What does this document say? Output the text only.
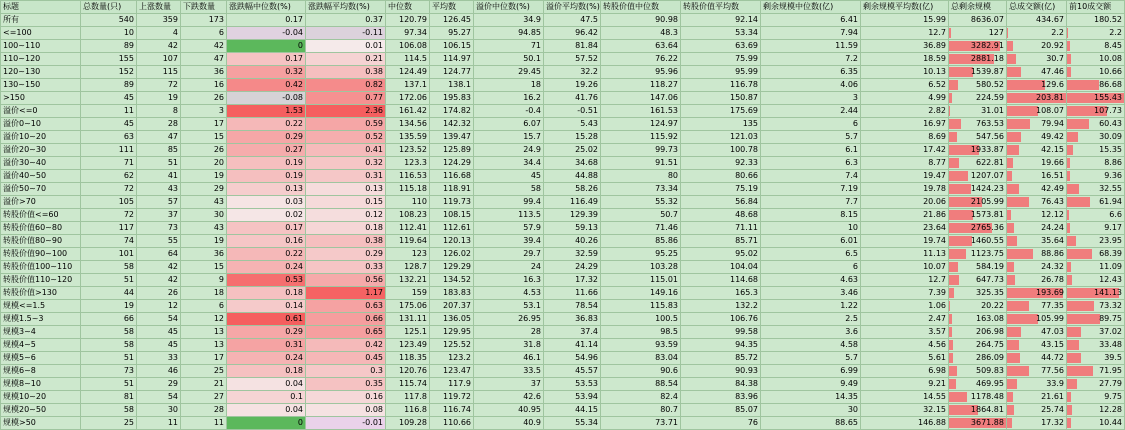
标题	总数量(只)	上涨数量	下跌数量	涨跌幅中位数(%)	涨跌幅平均数(%)	中位数	平均数	溢价中位数(%)	溢价平均数(%)	转股价值中位数	转股价值平均数	剩余规模中位数(亿)	剩余规模平均数(亿)	总剩余规模	总成交额(亿)	前10成交额
所有	540	359	173	0.17	0.37	120.79	126.45	34.9	47.5	90.98	92.14	6.41	15.99	8636.07	434.67	180.52
<=100	10	4	6	-0.04	-0.11	97.34	95.27	94.85	96.42	48.3	53.34	7.94	12.7	127	2.2	2.2
100~110	89	42	42	0	0.01	106.08	106.15	71	81.84	63.64	63.69	11.59	36.89	3282.91	20.92	8.45
110~120	155	107	47	0.17	0.21	114.5	114.97	50.1	57.52	76.22	75.99	7.2	18.59	2881.18	30.7	10.08
120~130	152	115	36	0.32	0.38	124.49	124.77	29.45	32.2	95.96	95.99	6.35	10.13	1539.87	47.46	10.66
130~150	89	72	16	0.42	0.82	137.1	138.1	18	19.26	118.27	116.78	4.06	6.52	580.52	129.6	86.68
>150	45	19	26	-0.08	0.77	172.06	195.83	16.2	41.76	147.06	150.87	3	4.99	224.59	203.81	155.43
溢价<=0	11	8	3	1.53	2.36	161.42	174.82	-0.4	-0.51	161.53	175.69	2.44	2.82	31.01	108.07	107.73
溢价0~10	45	28	17	0.22	0.59	134.56	142.32	6.07	5.43	124.97	135	6	16.97	763.53	79.94	60.43
溢价10~20	63	47	15	0.29	0.52	135.59	139.47	15.7	15.28	115.92	121.03	5.7	8.69	547.56	49.42	30.09
溢价20~30	111	85	26	0.27	0.41	123.52	125.89	24.9	25.02	99.73	100.78	6.1	17.42	1933.87	42.15	15.35
溢价30~40	71	51	20	0.19	0.32	123.3	124.29	34.4	34.68	91.51	92.33	6.3	8.77	622.81	19.66	8.86
溢价40~50	62	41	19	0.19	0.31	116.53	116.68	45	44.88	80	80.66	7.4	19.47	1207.07	16.51	9.36
溢价50~70	72	43	29	0.13	0.13	115.18	118.91	58	58.26	73.34	75.19	7.19	19.78	1424.23	42.49	32.55
溢价>70	105	57	43	0.03	0.15	110	119.73	99.4	116.49	55.32	56.84	7.7	20.06	2105.99	76.43	61.94
转股价值<=60	72	37	30	0.02	0.12	108.23	108.15	113.5	129.39	50.7	48.68	8.15	21.86	1573.81	12.12	6.6
转股价值60~80	117	73	43	0.17	0.18	112.41	112.61	57.9	59.13	71.46	71.11	10	23.64	2765.36	24.24	9.17
转股价值80~90	74	55	19	0.16	0.38	119.64	120.13	39.4	40.26	85.86	85.71	6.01	19.74	1460.55	35.64	23.95
转股价值90~100	101	64	36	0.22	0.29	123	126.02	29.7	32.59	95.25	95.02	6.5	11.13	1123.75	88.86	68.39
转股价值100~110	58	42	15	0.24	0.33	128.7	129.29	24	24.29	103.28	104.04	6	10.07	584.19	24.32	11.09
转股价值110~120	51	42	9	0.53	0.56	132.21	134.52	16.3	17.32	115.01	114.68	4.63	12.7	647.73	26.78	12.43
转股价值>130	44	26	18	0.18	1.17	159	183.83	4.53	11.66	149.16	165.3	3.46	7.39	325.35	193.69	141.13
规模<=1.5	19	12	6	0.14	0.63	175.06	207.37	53.1	78.54	115.83	132.2	1.22	1.06	20.22	77.35	73.32
规模1.5~3	66	54	12	0.61	0.66	131.11	136.05	26.95	36.83	100.5	106.76	2.5	2.47	163.08	105.99	89.75
规模3~4	58	45	13	0.29	0.65	125.1	129.95	28	37.4	98.5	99.58	3.6	3.57	206.98	47.03	37.02
规模4~5	58	45	13	0.31	0.42	123.49	125.52	31.8	41.14	93.59	94.35	4.58	4.56	264.75	43.15	33.48
规模5~6	51	33	17	0.24	0.45	118.35	123.2	46.1	54.96	83.04	85.72	5.7	5.61	286.09	44.72	39.5
规模6~8	73	46	25	0.18	0.3	120.76	123.47	33.5	45.57	90.6	90.93	6.99	6.98	509.83	77.56	71.95
规模8~10	51	29	21	0.04	0.35	115.74	117.9	37	53.53	88.54	84.38	9.49	9.21	469.95	33.9	27.79
规模10~20	81	54	27	0.1	0.16	117.8	119.72	42.6	53.94	82.4	83.96	14.35	14.55	1178.48	21.61	9.75
规模20~50	58	30	28	0.04	0.08	116.8	116.74	40.95	44.15	80.7	85.07	30	32.15	1864.81	25.74	12.28
规模>50	25	11	11	0	-0.01	109.28	110.66	40.9	55.34	73.71	76	88.65	146.88	3671.88	17.32	10.44
